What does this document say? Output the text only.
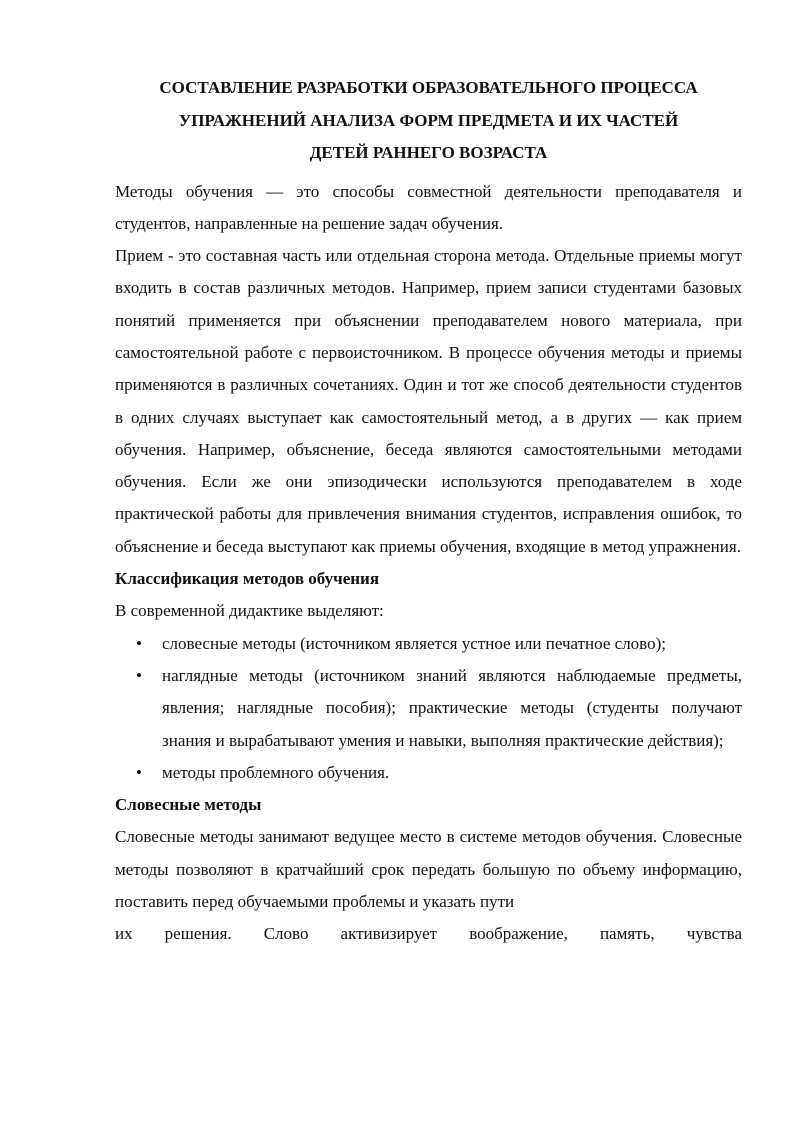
СОСТАВЛЕНИЕ РАЗРАБОТКИ ОБРАЗОВАТЕЛЬНОГО ПРОЦЕССА
УПРАЖНЕНИЙ АНАЛИЗА ФОРМ ПРЕДМЕТА И ИХ ЧАСТЕЙ
ДЕТЕЙ РАННЕГО ВОЗРАСТА

Методы обучения — это способы совместной деятельности преподавателя и студентов, направленные на решение задач обучения.

Прием - это составная часть или отдельная сторона метода. Отдельные приемы могут входить в состав различных методов. Например, прием записи студентами базовых понятий применяется при объяснении преподавателем нового материала, при самостоятельной работе с первоисточником. В процессе обучения методы и приемы применяются в различных сочетаниях. Один и тот же способ деятельности студентов в одних случаях выступает как самостоятельный метод, а в других — как прием обучения. Например, объяснение, беседа являются самостоятельными методами обучения. Если же они эпизодически используются преподавателем в ходе практической работы для привлечения внимания студентов, исправления ошибок, то объяснение и беседа выступают как приемы обучения, входящие в метод упражнения.

Классификация методов обучения

В современной дидактике выделяют:

• словесные методы (источником является устное или печатное слово);
• наглядные методы (источником знаний являются наблюдаемые предметы, явления; наглядные пособия); практические методы (студенты получают знания и вырабатывают умения и навыки, выполняя практические действия);
• методы проблемного обучения.
Словесные методы

Словесные методы занимают ведущее место в системе методов обучения. Словесные методы позволяют в кратчайший срок передать большую по объему информацию, поставить перед обучаемыми проблемы и указать пути

их решения. Слово активизирует воображение, память, чувства
